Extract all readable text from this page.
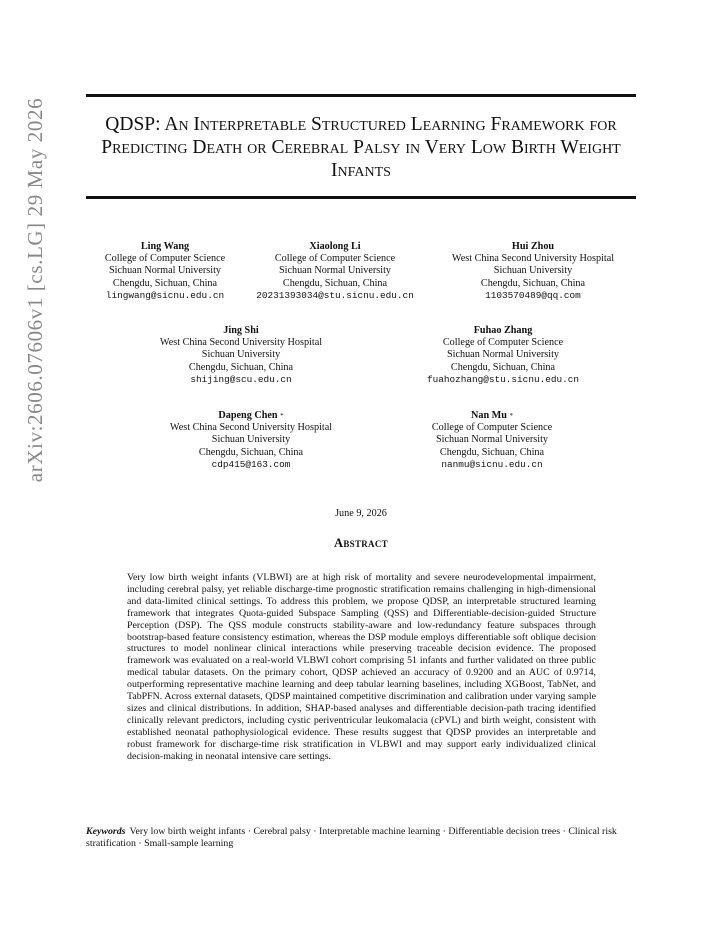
arXiv:2606.07606v1 [cs.LG] 29 May 2026	QDSP: An Interpretable Structured Learning Framework for Predicting Death or Cerebral Palsy in Very Low Birth Weight Infants
Ling Wang
College of Computer Science
Sichuan Normal University
Chengdu, Sichuan, China
lingwang@sicnu.edu.cn
Xiaolong Li
College of Computer Science
Sichuan Normal University
Chengdu, Sichuan, China
20231393034@stu.sicnu.edu.cn
Hui Zhou
West China Second University Hospital
Sichuan University
Chengdu, Sichuan, China
1103570489@qq.com
Jing Shi
West China Second University Hospital
Sichuan University
Chengdu, Sichuan, China
shijing@scu.edu.cn
Fuhao Zhang
College of Computer Science
Sichuan Normal University
Chengdu, Sichuan, China
fuahozhang@stu.sicnu.edu.cn
Dapeng Chen *
West China Second University Hospital
Sichuan University
Chengdu, Sichuan, China
cdp415@163.com
Nan Mu *
College of Computer Science
Sichuan Normal University
Chengdu, Sichuan, China
nanmu@sicnu.edu.cn
June 9, 2026
Abstract
Very low birth weight infants (VLBWI) are at high risk of mortality and severe neurodevelopmental impairment, including cerebral palsy, yet reliable discharge-time prognostic stratification remains challenging in high-dimensional and data-limited clinical settings. To address this problem, we propose QDSP, an interpretable structured learning framework that integrates Quota-guided Subspace Sampling (QSS) and Differentiable-decision-guided Structure Perception (DSP). The QSS module constructs stability-aware and low-redundancy feature subspaces through bootstrap-based feature consistency estimation, whereas the DSP module employs differentiable soft oblique decision structures to model nonlinear clinical interactions while preserving traceable decision evidence. The proposed framework was evaluated on a real-world VLBWI cohort comprising 51 infants and further validated on three public medical tabular datasets. On the primary cohort, QDSP achieved an accuracy of 0.9200 and an AUC of 0.9714, outperforming representative machine learning and deep tabular learning baselines, including XGBoost, TabNet, and TabPFN. Across external datasets, QDSP maintained competitive discrimination and calibration under varying sample sizes and clinical distributions. In addition, SHAP-based analyses and differentiable decision-path tracing identified clinically relevant predictors, including cystic periventricular leukomalacia (cPVL) and birth weight, consistent with established neonatal pathophysiological evidence. These results suggest that QDSP provides an interpretable and robust framework for discharge-time risk stratification in VLBWI and may support early individualized clinical decision-making in neonatal intensive care settings.
Keywords Very low birth weight infants · Cerebral palsy · Interpretable machine learning · Differentiable decision trees · Clinical risk stratification · Small-sample learning
